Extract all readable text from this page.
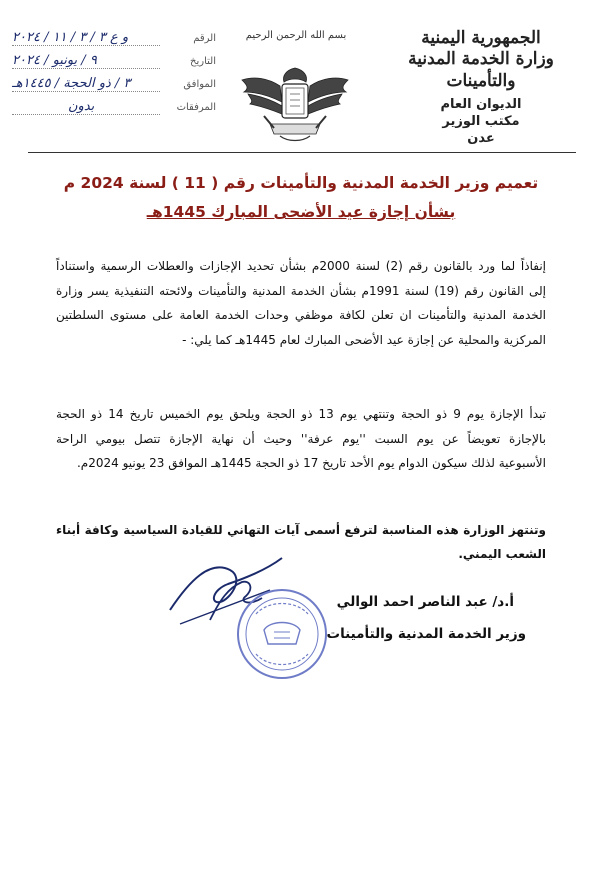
الجمهورية اليمنية
وزارة الخدمة المدنية والتأمينات
الديوان العام
مكتب الوزير
عدن
بسم الله الرحمن الرحيم
الرقم
و ع ٣ / ٣ / ١١ / ٢٠٢٤
التاريخ
٩ / يونيو / ٢٠٢٤
الموافق
٣ / ذو الحجة / ١٤٤٥هـ
المرفقات
بدون
تعميم وزير الخدمة المدنية والتأمينات رقم ( 11 ) لسنة 2024 م
بشأن إجازة عيد الأضحى المبارك 1445هـ
إنفاذاً لما ورد بالقانون رقم (2) لسنة 2000م بشأن تحديد الإجازات والعطلات الرسمية واستناداً
إلى القانون رقم (19) لسنة 1991م بشأن الخدمة المدنية والتأمينات ولائحته التنفيذية يسر وزارة
الخدمة المدنية والتأمينات ان تعلن لكافة موظفي وحدات الخدمة العامة على مستوى السلطتين
المركزية والمحلية عن إجازة عيد الأضحى المبارك لعام 1445هـ كما يلي: -
تبدأ الإجازة يوم 9 ذو الحجة وتنتهي يوم 13 ذو الحجة ويلحق يوم الخميس تاريخ 14 ذو الحجة
بالإجازة تعويضاً عن يوم السبت ''يوم عرفة'' وحيث أن نهاية الإجازة تتصل بيومي الراحة
الأسبوعية لذلك سيكون الدوام يوم الأحد تاريخ 17 ذو الحجة 1445هـ الموافق 23 يونيو 2024م.
وتنتهز الوزارة هذه المناسبة لترفع أسمى آيات التهاني للقيادة السياسية وكافة أبناء الشعب اليمني.
أ.د/ عبد الناصر احمد الوالي
وزير الخدمة المدنية والتأمينات
